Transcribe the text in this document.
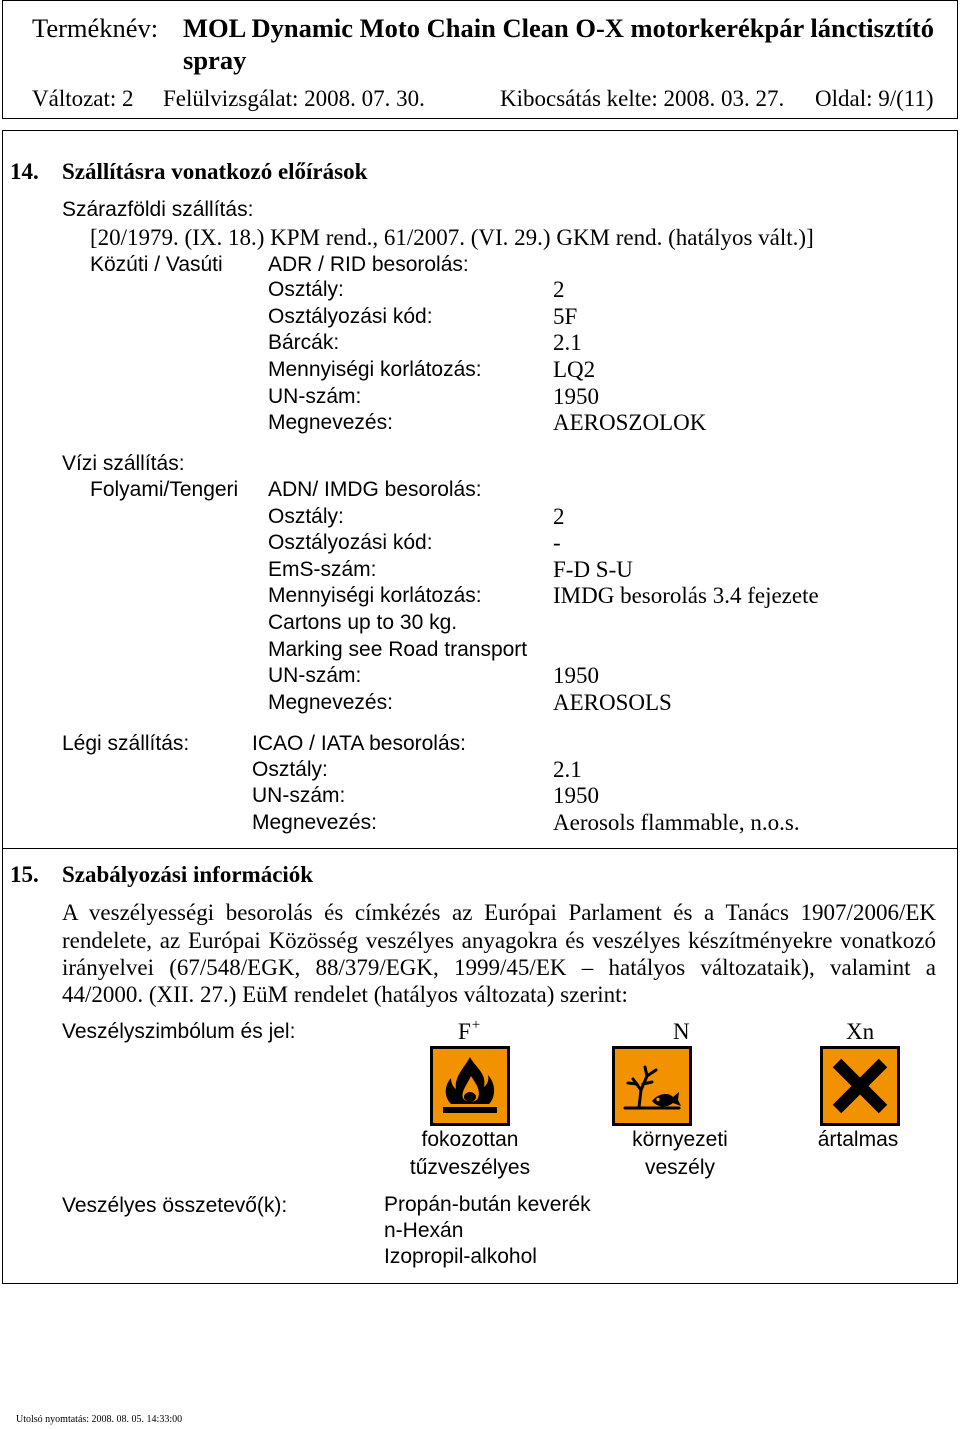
Terméknév: MOL Dynamic Moto Chain Clean O-X motorkerékpár lánctisztító spray
Változat: 2 Felülvizsgálat: 2008. 07. 30.	Kibocsátás kelte: 2008. 03. 27. Oldal: 9/(11)
14. Szállításra vonatkozó előírások
Szárazföldi szállítás:
[20/1979. (IX. 18.) KPM rend., 61/2007. (VI. 29.) GKM rend. (hatályos vált.)]
Közúti / Vasúti ADR / RID besorolás:
Osztály:	2
Osztályozási kód:	5F
Bárcák:	2.1
Mennyiségi korlátozás:	LQ2
UN-szám:	1950
Megnevezés:	AEROSZOLOK
Vízi szállítás:
Folyami/Tengeri ADN/ IMDG besorolás:
Osztály:	2
Osztályozási kód:	-
EmS-szám:	F-D S-U
Mennyiségi korlátozás:	IMDG besorolás 3.4 fejezete
Cartons up to 30 kg.
Marking see Road transport
UN-szám:	1950
Megnevezés:	AEROSOLS
Légi szállítás:	ICAO / IATA besorolás:
Osztály:	2.1
UN-szám:	1950
Megnevezés:	Aerosols flammable, n.o.s.
15. Szabályozási információk
A veszélyességi besorolás és címkézés az Európai Parlament és a Tanács 1907/2006/EK rendelete, az Európai Közösség veszélyes anyagokra és veszélyes készítményekre vonatkozó irányelvei (67/548/EGK, 88/379/EGK, 1999/45/EK – hatályos változataik), valamint a 44/2000. (XII. 27.) EüM rendelet (hatályos változata) szerint:
Veszélyszimbólum és jel:	F+	N	Xn
fokozottan tűzveszélyes
környezeti veszély
ártalmas
Veszélyes összetevő(k):	Propán-bután keverék
n-Hexán
Izopropil-alkohol
Utolsó nyomtatás: 2008. 08. 05. 14:33:00
